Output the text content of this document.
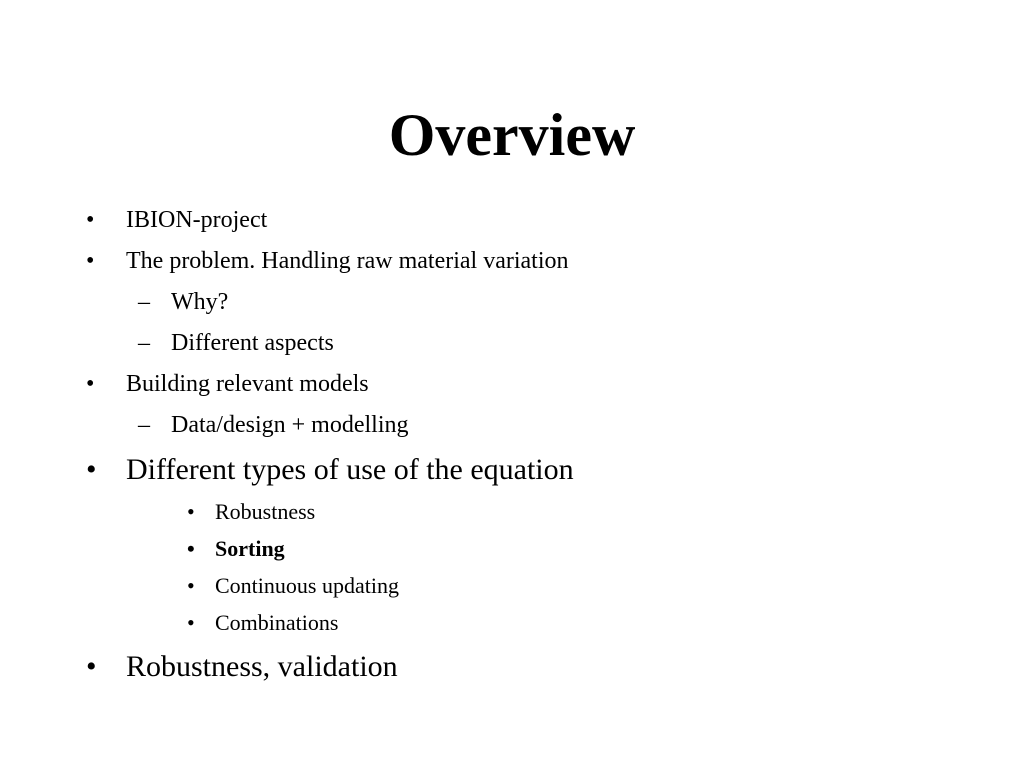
Overview
• IBION-project
• The problem. Handling raw material variation
– Why?
– Different aspects
• Building relevant models
– Data/design + modelling
• Different types of use of the equation
• Robustness
• Sorting
• Continuous updating
• Combinations
• Robustness, validation
